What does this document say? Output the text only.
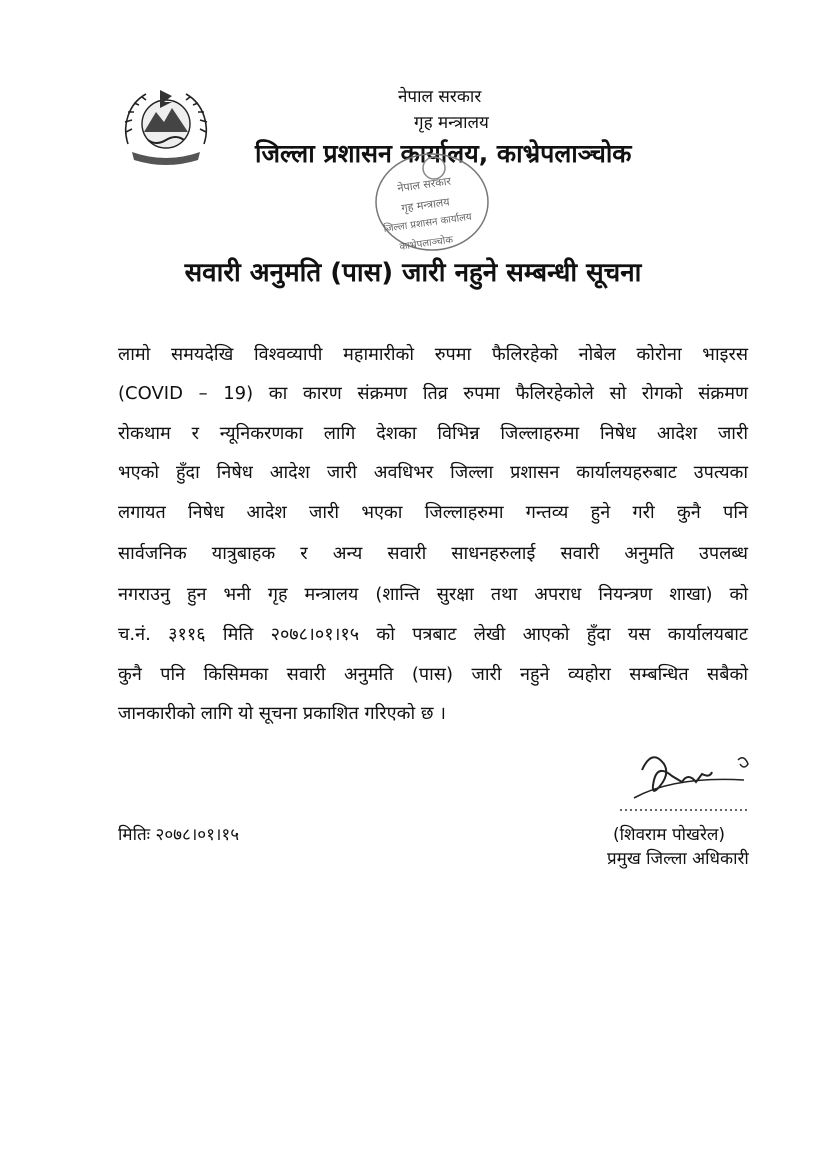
नेपाल सरकार
गृह मन्त्रालय
जिल्ला प्रशासन कार्यालय, काभ्रेपलाञ्चोक
नेपाल सरकार
गृह मन्त्रालय
जिल्ला प्रशासन कार्यालय
काभ्रेपलाञ्चोक
सवारी अनुमति (पास) जारी नहुने सम्बन्धी सूचना
लामो समयदेखि विश्वव्यापी महामारीको रुपमा फैलिरहेको नोबेल कोरोना भाइरस
(COVID – 19) का कारण संक्रमण तिव्र रुपमा फैलिरहेकोले सो रोगको संक्रमण
रोकथाम र न्यूनिकरणका लागि देशका विभिन्न जिल्लाहरुमा निषेध आदेश जारी
भएको हुँदा निषेध आदेश जारी अवधिभर जिल्ला प्रशासन कार्यालयहरुबाट उपत्यका
लगायत निषेध आदेश जारी भएका जिल्लाहरुमा गन्तव्य हुने गरी कुनै पनि
सार्वजनिक यात्रुबाहक र अन्य सवारी साधनहरुलाई सवारी अनुमति उपलब्ध
नगराउनु हुन भनी गृह मन्त्रालय (शान्ति सुरक्षा तथा अपराध नियन्त्रण शाखा) को
च.नं. ३११६ मिति २०७८।०१।१५ को पत्रबाट लेखी आएको हुँदा यस कार्यालयबाट
कुनै पनि किसिमका सवारी अनुमति (पास) जारी नहुने व्यहोरा सम्बन्धित सबैको
जानकारीको लागि यो सूचना प्रकाशित गरिएको छ ।
मितिः २०७८।०१।१५	(शिवराम पोखरेल)
प्रमुख जिल्ला अधिकारी
